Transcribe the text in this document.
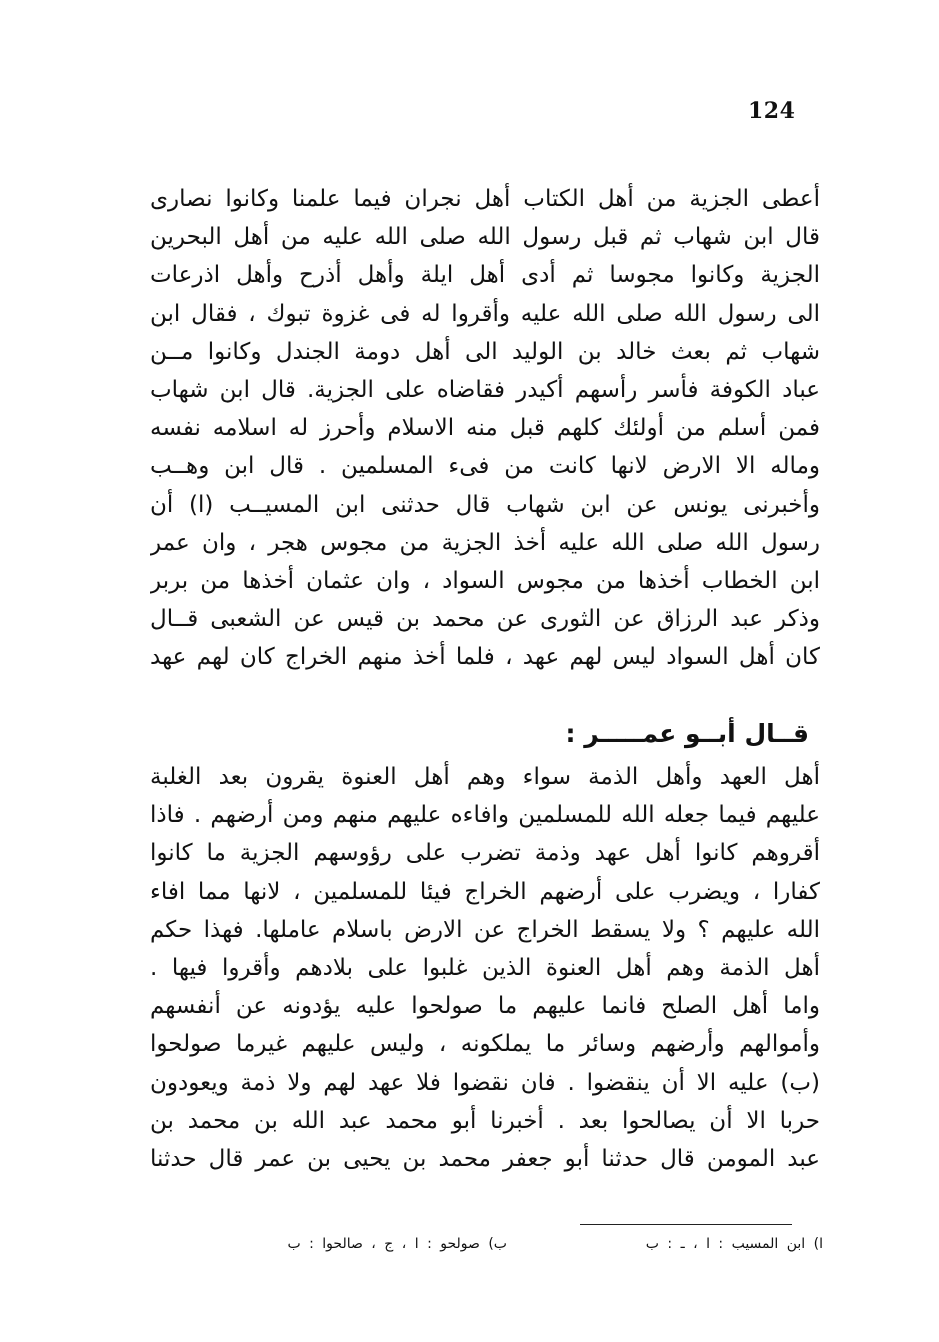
124
أعطى الجزية من أهل الكتاب أهل نجران فيما علمنا وكانوا نصارى
قال ابن شهاب ثم قبل رسول الله صلى الله عليه من أهل البحرين
الجزية وكانوا مجوسا ثم أدى أهل ايلة وأهل أذرح وأهل اذرعات
الى رسول الله صلى الله عليه وأقروا له فى غزوة تبوك ، فقال ابن
شهاب ثم بعث خالد بن الوليد الى أهل دومة الجندل وكانوا مــن
عباد الكوفة فأسر رأسهم أكيدر فقاضاه على الجزية. قال ابن شهاب
فمن أسلم من أولئك كلهم قبل منه الاسلام وأحرز له اسلامه نفسه
وماله الا الارض لانها كانت من فىء المسلمين . قال ابن وهــب
وأخبرنى يونس عن ابن شهاب قال حدثنى ابن المسيــب (ا) أن
رسول الله صلى الله عليه أخذ الجزية من مجوس هجر ، وان عمر
ابن الخطاب أخذها من مجوس السواد ، وان عثمان أخذها من بربر
وذكر عبد الرزاق عن الثورى عن محمد بن قيس عن الشعبى قــال
كان أهل السواد ليس لهم عهد ، فلما أخذ منهم الخراج كان لهم عهد
قــال أبــو عمـــــر :
أهل العهد وأهل الذمة سواء وهم أهل العنوة يقرون بعد الغلبة
عليهم فيما جعله الله للمسلمين وافاءه عليهم منهم ومن أرضهم . فاذا
أقروهم كانوا أهل عهد وذمة تضرب على رؤوسهم الجزية ما كانوا
كفارا ، ويضرب على أرضهم الخراج فيئا للمسلمين ، لانها مما افاء
الله عليهم ؟ ولا يسقط الخراج عن الارض باسلام عاملها. فهذا حكم
أهل الذمة وهم أهل العنوة الذين غلبوا على بلادهم وأقروا فيها .
واما أهل الصلح فانما عليهم ما صولحوا عليه يؤدونه عن أنفسهم
وأموالهم وأرضهم وسائر ما يملكونه ، وليس عليهم غيرما صولحوا
(ب) عليه الا أن ينقضوا . فان نقضوا فلا عهد لهم ولا ذمة ويعودون
حربا الا أن يصالحوا بعد . أخبرنا أبو محمد عبد الله بن محمد بن
عبد المومن قال حدثنا أبو جعفر محمد بن يحيى بن عمر قال حدثنا
ا) ابن المسيب : ا ، ـ : ب
ب) صولحو : ا ، ج ، صالحوا : ب
